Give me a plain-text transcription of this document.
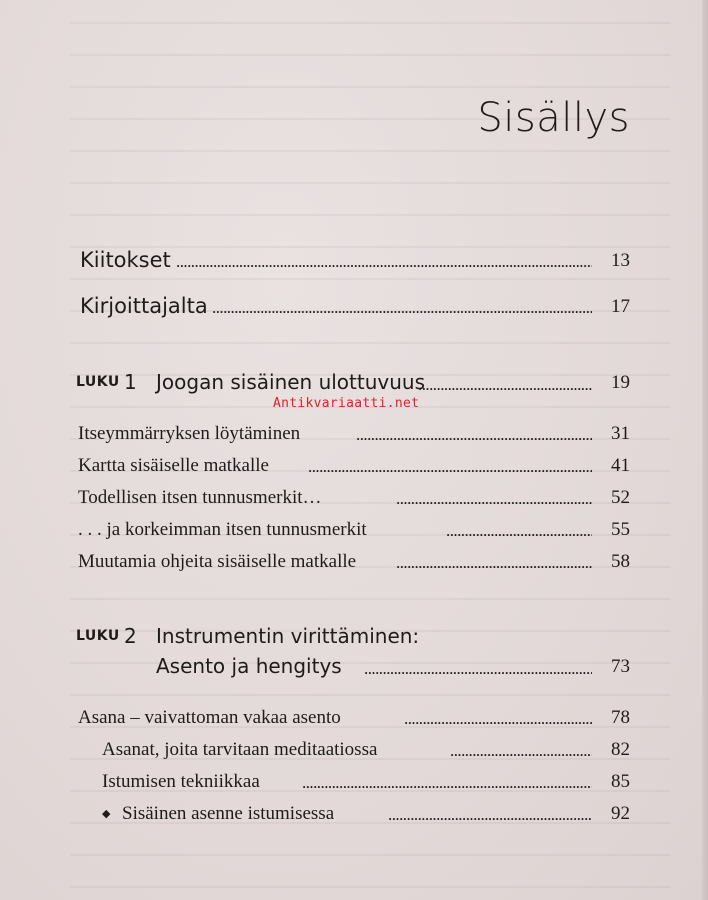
Sisällys
Kiitokset . . .	13
Kirjoittajalta . . .	17
LUKU 1 Joogan sisäinen ulottuvuus . . .	19
Antikvariaatti.net
Itseymmärryksen löytäminen . . .	31
Kartta sisäiselle matkalle . . .	41
Todellisen itsen tunnusmerkit… . . .	52
. . . ja korkeimman itsen tunnusmerkit . . .	55
Muutamia ohjeita sisäiselle matkalle . . .	58
LUKU 2 Instrumentin virittäminen:
Asento ja hengitys . . .	73
Asana – vaivattoman vakaa asento . . .	78
Asanat, joita tarvitaan meditaatiossa . . .	82
Istumisen tekniikkaa . . .	85
◆ Sisäinen asenne istumisessa . . .	92
